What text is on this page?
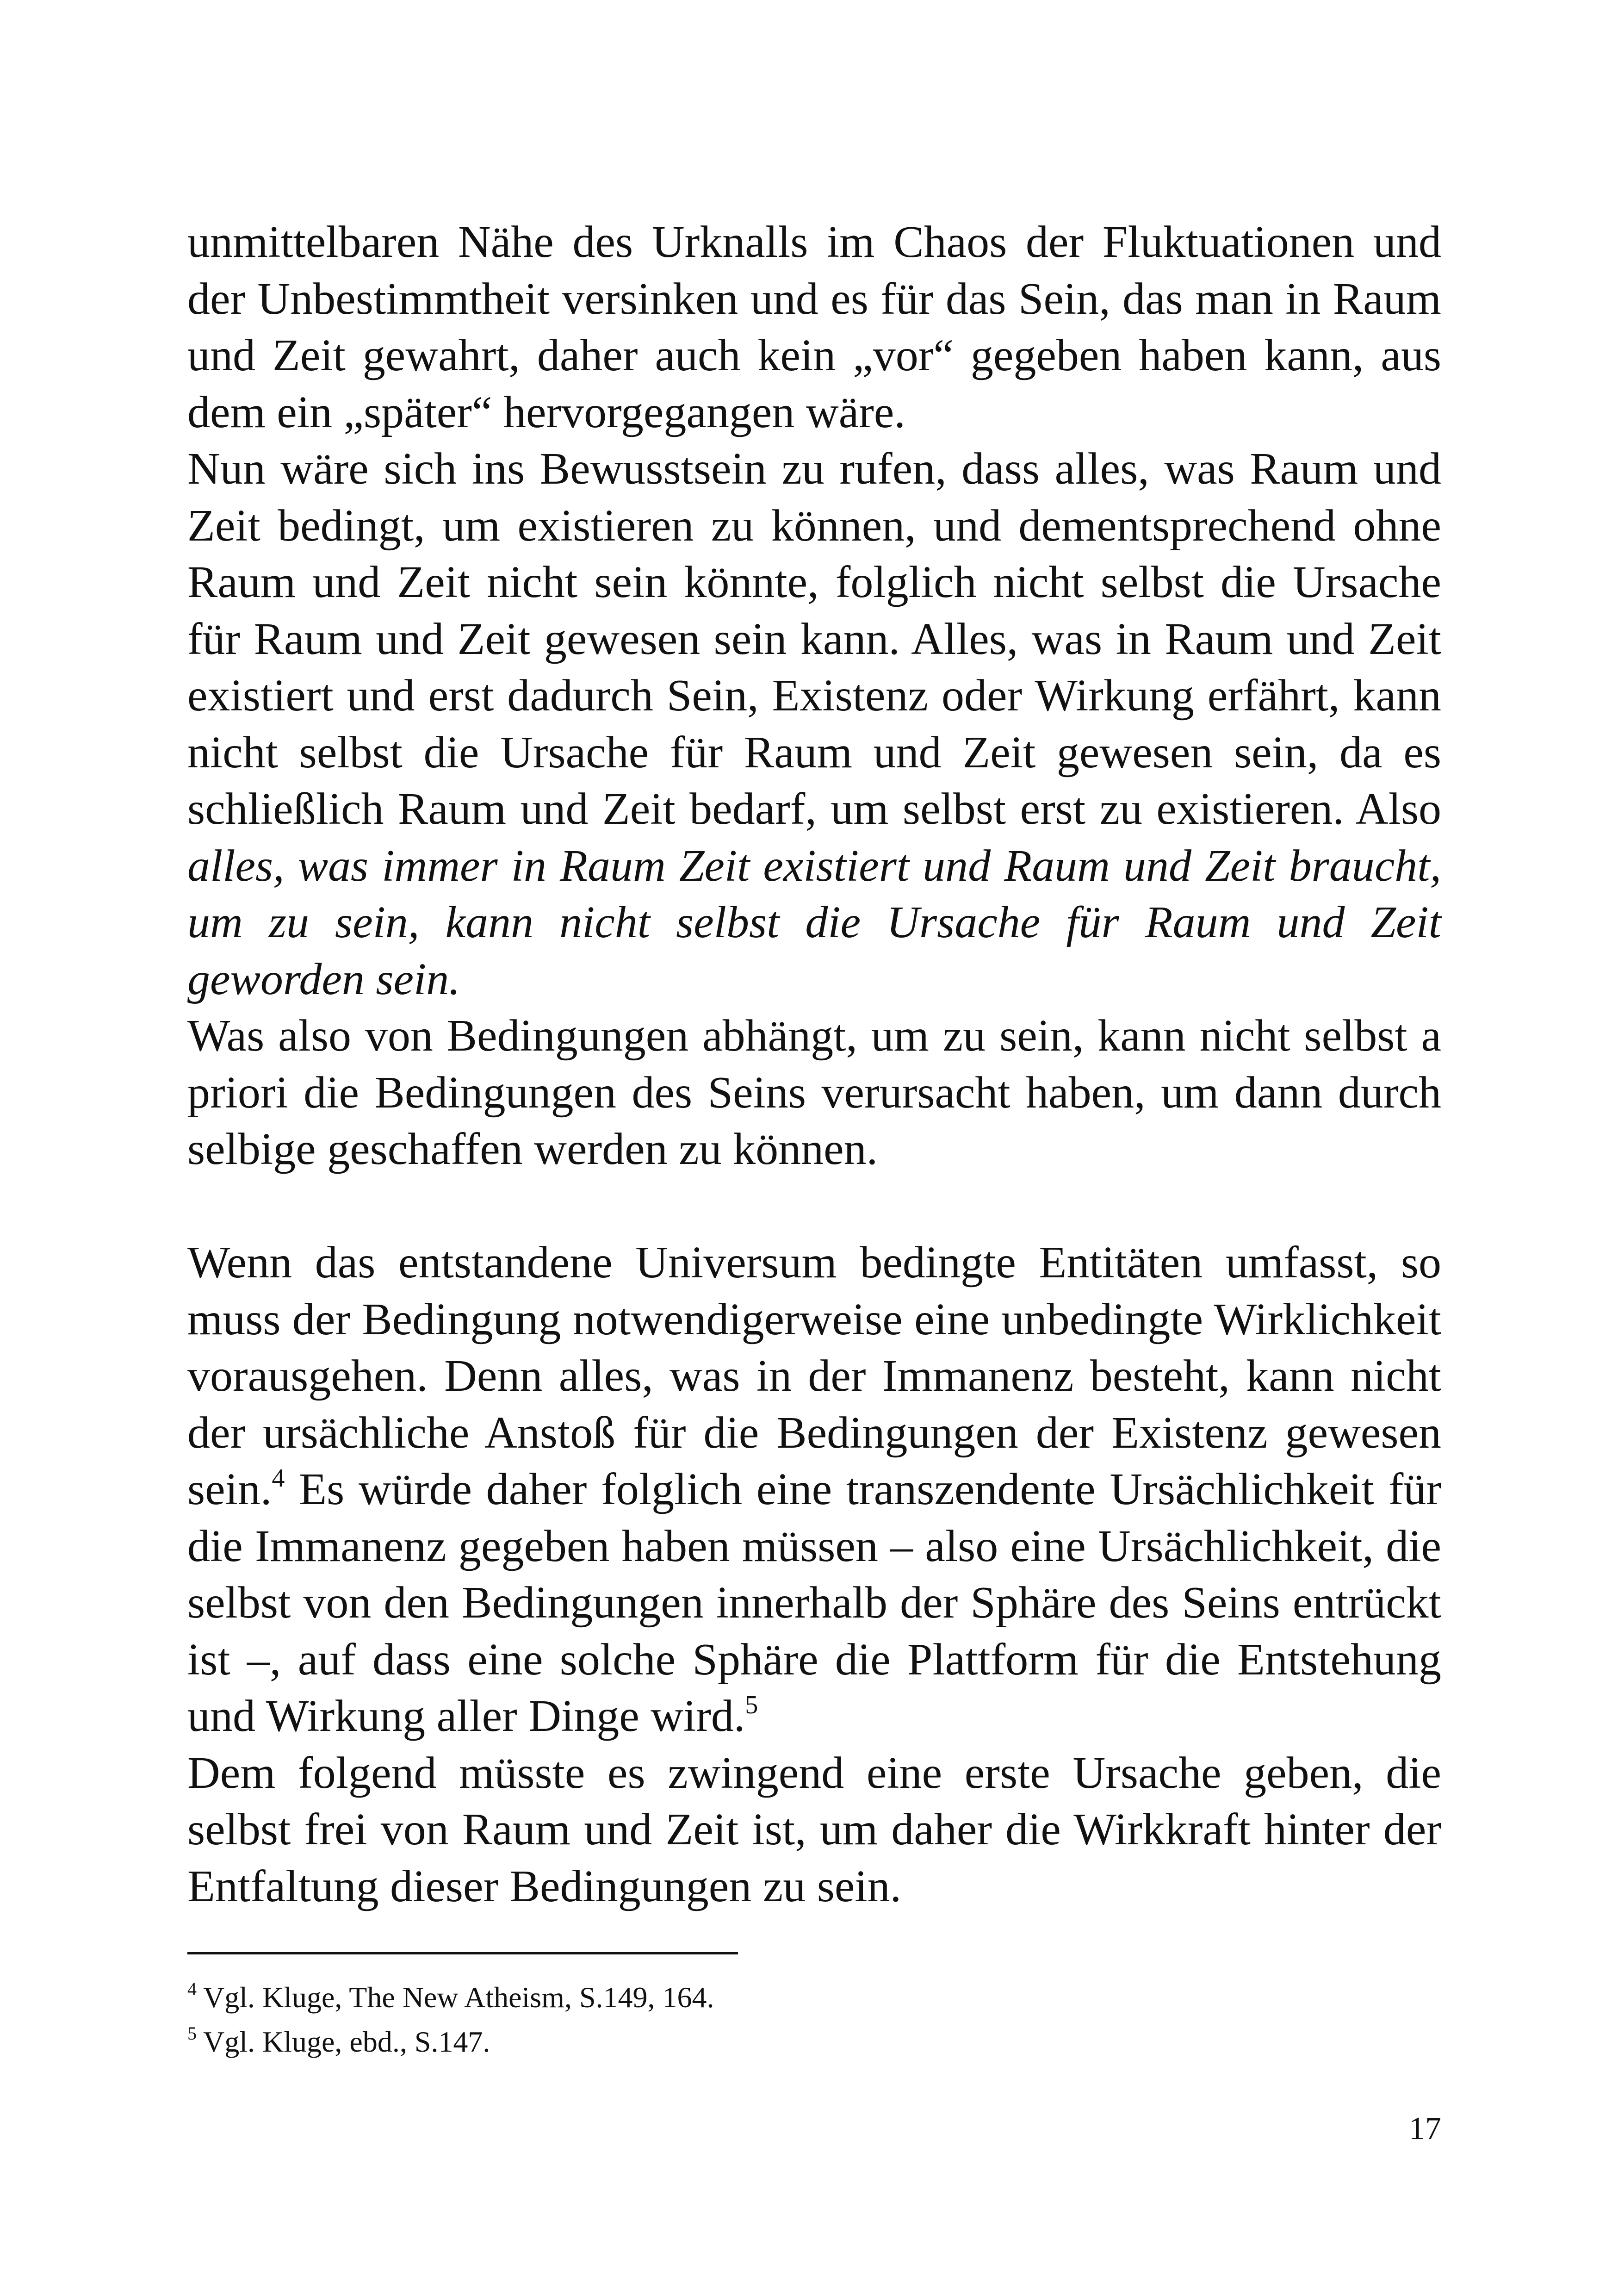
unmittelbaren Nähe des Urknalls im Chaos der Fluktuationen und der Unbestimmtheit versinken und es für das Sein, das man in Raum und Zeit gewahrt, daher auch kein „vor“ gegeben haben kann, aus dem ein „später“ hervorgegangen wäre.

Nun wäre sich ins Bewusstsein zu rufen, dass alles, was Raum und Zeit bedingt, um existieren zu können, und dementsprechend ohne Raum und Zeit nicht sein könnte, folglich nicht selbst die Ursache für Raum und Zeit gewesen sein kann. Alles, was in Raum und Zeit existiert und erst dadurch Sein, Existenz oder Wirkung erfährt, kann nicht selbst die Ursache für Raum und Zeit gewesen sein, da es schließlich Raum und Zeit bedarf, um selbst erst zu existieren. Also alles, was immer in Raum Zeit existiert und Raum und Zeit braucht, um zu sein, kann nicht selbst die Ursache für Raum und Zeit geworden sein.

Was also von Bedingungen abhängt, um zu sein, kann nicht selbst a priori die Bedingungen des Seins verursacht haben, um dann durch selbige geschaffen werden zu können.

Wenn das entstandene Universum bedingte Entitäten umfasst, so muss der Bedingung notwendigerweise eine unbedingte Wirklichkeit vorausgehen. Denn alles, was in der Immanenz besteht, kann nicht der ursächliche Anstoß für die Bedingungen der Existenz gewesen sein.$^4$ Es würde daher folglich eine transzendente Ursächlichkeit für die Immanenz gegeben haben müssen – also eine Ursächlichkeit, die selbst von den Bedingungen innerhalb der Sphäre des Seins entrückt ist –, auf dass eine solche Sphäre die Plattform für die Entstehung und Wirkung aller Dinge wird.$^5$

Dem folgend müsste es zwingend eine erste Ursache geben, die selbst frei von Raum und Zeit ist, um daher die Wirkkraft hinter der Entfaltung dieser Bedingungen zu sein.

$^4$ Vgl. Kluge, The New Atheism, S.149, 164.

$^5$ Vgl. Kluge, ebd., S.147.

17
